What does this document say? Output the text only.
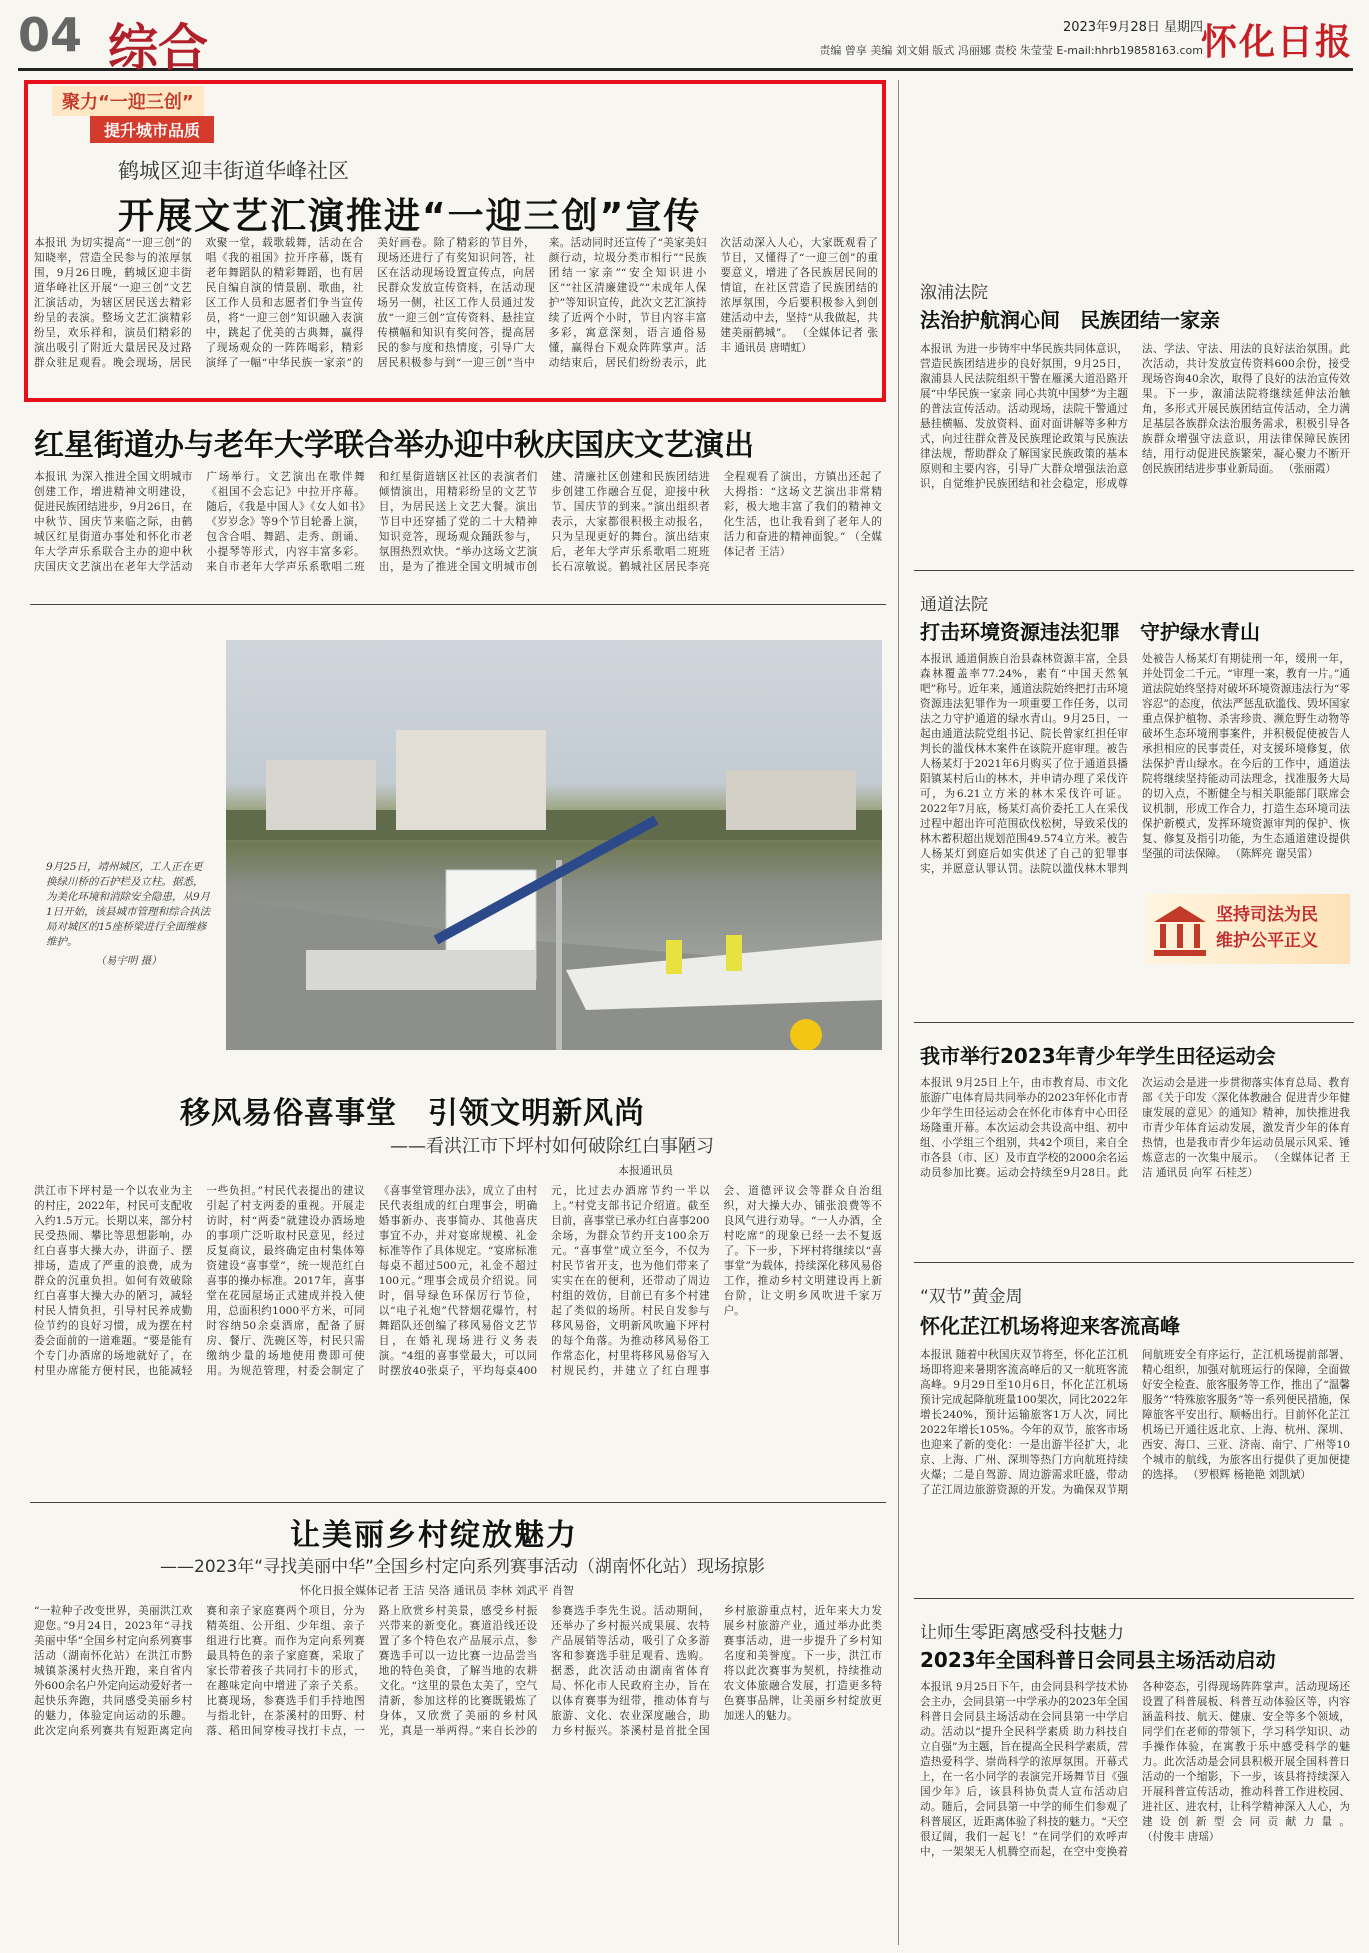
04 综合	2023年9月28日 星期四
责编 曾享 美编 刘文娟 版式 冯丽娜 责校 朱莹莹 E-mail:hhrb19858163.com
怀化日报
聚力“一迎三创”
提升城市品质
鹤城区迎丰街道华峰社区
开展文艺汇演推进“一迎三创”宣传
本报讯 为切实提高“一迎三创”的知晓率，营造全民参与的浓厚氛围，9月26日晚，鹤城区迎丰街道华峰社区开展“一迎三创”文艺汇演活动，为辖区居民送去精彩纷呈的表演。整场文艺汇演精彩纷呈，欢乐祥和，演员们精彩的演出吸引了附近大量居民及过路群众驻足观看。晚会现场，居民欢聚一堂，载歌载舞，活动在合唱《我的祖国》拉开序幕，既有老年舞蹈队的精彩舞蹈，也有居民自编自演的情景剧、歌曲，社区工作人员和志愿者们争当宣传员，将“一迎三创”知识融入表演中，跳起了优美的古典舞，赢得了现场观众的一阵阵喝彩，精彩演绎了一幅“中华民族一家亲”的美好画卷。除了精彩的节目外，现场还进行了有奖知识问答，社区在活动现场设置宣传点，向居民群众发放宣传资料，在活动现场另一侧，社区工作人员通过发放“一迎三创”宣传资料、悬挂宣传横幅和知识有奖问答，提高居民的参与度和热情度，引导广大居民积极参与到“一迎三创”当中来。活动同时还宣传了“美家美妇颜行动，垃圾分类市相行”“民族团结一家亲”“安全知识进小区”“社区清廉建设”“未成年人保护”等知识宣传，此次文艺汇演持续了近两个小时，节目内容丰富多彩，寓意深刻，语言通俗易懂，赢得台下观众阵阵掌声。活动结束后，居民们纷纷表示，此次活动深入人心，大家既观看了节目，又懂得了“一迎三创”的重要意义，增进了各民族居民间的情谊，在社区营造了民族团结的浓厚氛围，今后要积极参入到创建活动中去，坚持“从我做起，共建美丽鹤城”。 （全媒体记者 张丰 通讯员 唐晴虹）
红星街道办与老年大学联合举办迎中秋庆国庆文艺演出
本报讯 为深入推进全国文明城市创建工作，增进精神文明建设，促进民族团结进步，9月26日，在中秋节、国庆节来临之际，由鹤城区红星街道办事处和怀化市老年大学声乐系联合主办的迎中秋庆国庆文艺演出在老年大学活动广场举行。文艺演出在歌伴舞《祖国不会忘记》中拉开序幕。随后，《我是中国人》《女人如书》《岁岁念》等9个节目轮番上演，包含合唱、舞蹈、走秀、朗诵、小提琴等形式，内容丰富多彩。来自市老年大学声乐系歌唱二班和红星街道辖区社区的表演者们倾情演出，用精彩纷呈的文艺节目，为居民送上文艺大餐。演出节目中还穿插了党的二十大精神知识竞答，现场观众踊跃参与，氛围热烈欢快。“举办这场文艺演出，是为了推进全国文明城市创建、清廉社区创建和民族团结进步创建工作融合互促，迎接中秋节、国庆节的到来。”演出组织者表示，大家都很积极主动报名，只为呈现更好的舞台。演出结束后，老年大学声乐系歌唱二班班长石凉敏说。鹤城社区居民李亮全程观看了演出，方镇出还起了大拇指：“这场文艺演出非常精彩，极大地丰富了我们的精神文化生活，也让我看到了老年人的活力和奋进的精神面貌。” （全媒体记者 王洁）
9月25日，靖州城区，工人正在更换绿川桥的石护栏及立柱。据悉，为美化环境和消除安全隐患，从9月1日开始，该县城市管理和综合执法局对城区的15座桥梁进行全面维修维护。
（易宇明 摄）
移风易俗喜事堂　引领文明新风尚
——看洪江市下坪村如何破除红白事陋习
本报通讯员
洪江市下坪村是一个以农业为主的村庄，2022年，村民可支配收入约1.5万元。长期以来，部分村民受热闹、攀比等思想影响，办红白喜事大操大办，讲面子、摆排场，造成了严重的浪费，成为群众的沉重负担。如何有效破除红白喜事大操大办的陋习，减轻村民人情负担，引导村民养成勤俭节约的良好习惯，成为摆在村委会面前的一道难题。“要是能有个专门办酒席的场地就好了，在村里办席能方便村民，也能减轻一些负担。”村民代表提出的建议引起了村支两委的重视。开展走访时，村“两委”就建设办酒场地的事项广泛听取村民意见，经过反复商议，最终确定由村集体筹资建设“喜事堂”，统一规范红白喜事的操办标准。2017年，喜事堂在花园屋场正式建成并投入使用，总面积约1000平方米，可同时容纳50余桌酒席，配备了厨房、餐厅、洗碗区等，村民只需缴纳少量的场地使用费即可使用。为规范管理，村委会制定了《喜事堂管理办法》，成立了由村民代表组成的红白理事会，明确婚事新办、丧事简办、其他喜庆事宜不办，并对宴席规模、礼金标准等作了具体规定。“宴席标准每桌不超过500元，礼金不超过100元。”理事会成员介绍说。同时，倡导绿色环保厉行节俭，以“电子礼炮”代替烟花爆竹，村舞蹈队还创编了移风易俗文艺节目，在婚礼现场进行义务表演。“4组的喜事堂最大，可以同时摆放40张桌子，平均每桌400元，比过去办酒席节约一半以上。”村党支部书记介绍道。截至目前，喜事堂已承办红白喜事200余场，为群众节约开支100余万元。“喜事堂”成立至今，不仅为村民节省开支，也为他们带来了实实在在的便利，还带动了周边村组的效仿，目前已有多个村建起了类似的场所。村民自发参与移风易俗，文明新风吹遍下坪村的每个角落。为推动移风易俗工作常态化，村里将移风易俗写入村规民约，并建立了红白理事会、道德评议会等群众自治组织，对大操大办、铺张浪费等不良风气进行劝导。“一人办酒，全村吃席”的现象已经一去不复返了。下一步，下坪村将继续以“喜事堂”为载体，持续深化移风易俗工作，推动乡村文明建设再上新台阶，让文明乡风吹进千家万户。
让美丽乡村绽放魅力
——2023年“寻找美丽中华”全国乡村定向系列赛事活动（湖南怀化站）现场掠影
怀化日报全媒体记者 王洁 吴洛 通讯员 李林 刘武平 肖智
“一粒种子改变世界，美丽洪江欢迎您。”9月24日，2023年“寻找美丽中华”全国乡村定向系列赛事活动（湖南怀化站）在洪江市黔城镇茶溪村火热开跑，来自省内外600余名户外定向运动爱好者一起快乐奔跑，共同感受美丽乡村的魅力，体验定向运动的乐趣。此次定向系列赛共有短距离定向赛和亲子家庭赛两个项目，分为精英组、公开组、少年组、亲子组进行比赛。而作为定向系列赛最具特色的亲子家庭赛，采取了家长带着孩子共同打卡的形式，在趣味定向中增进了亲子关系。比赛现场，参赛选手们手持地图与指北针，在茶溪村的田野、村落、稻田间穿梭寻找打卡点，一路上欣赏乡村美景，感受乡村振兴带来的新变化。赛道沿线还设置了多个特色农产品展示点，参赛选手可以一边比赛一边品尝当地的特色美食，了解当地的农耕文化。“这里的景色太美了，空气清新，参加这样的比赛既锻炼了身体，又欣赏了美丽的乡村风光，真是一举两得。”来自长沙的参赛选手李先生说。活动期间，还举办了乡村振兴成果展、农特产品展销等活动，吸引了众多游客和参赛选手驻足观看、选购。据悉，此次活动由湖南省体育局、怀化市人民政府主办，旨在以体育赛事为纽带，推动体育与旅游、文化、农业深度融合，助力乡村振兴。茶溪村是首批全国乡村旅游重点村，近年来大力发展乡村旅游产业，通过举办此类赛事活动，进一步提升了乡村知名度和美誉度。下一步，洪江市将以此次赛事为契机，持续推动农文体旅融合发展，打造更多特色赛事品牌，让美丽乡村绽放更加迷人的魅力。
溆浦法院
法治护航润心间　民族团结一家亲
本报讯 为进一步铸牢中华民族共同体意识，营造民族团结进步的良好氛围，9月25日，溆浦县人民法院组织干警在雁溪大道沿路开展“中华民族一家亲 同心共筑中国梦”为主题的普法宣传活动。活动现场，法院干警通过悬挂横幅、发放资料、面对面讲解等多种方式，向过往群众普及民族理论政策与民族法律法规，帮助群众了解国家民族政策的基本原则和主要内容，引导广大群众增强法治意识，自觉维护民族团结和社会稳定，形成尊法、学法、守法、用法的良好法治氛围。此次活动，共计发放宣传资料600余份，接受现场咨询40余次，取得了良好的法治宣传效果。下一步，溆浦法院将继续延伸法治触角，多形式开展民族团结宣传活动，全力满足基层各族群众法治服务需求，积极引导各族群众增强守法意识，用法律保障民族团结，用行动促进民族繁荣，凝心聚力不断开创民族团结进步事业新局面。 （张丽霞）
通道法院
打击环境资源违法犯罪　守护绿水青山
本报讯 通道侗族自治县森林资源丰富，全县森林覆盖率77.24%，素有“中国天然氧吧”称号。近年来，通道法院始终把打击环境资源违法犯罪作为一项重要工作任务，以司法之力守护通道的绿水青山。9月25日，一起由通道法院党组书记、院长曾家红担任审判长的滥伐林木案件在该院开庭审理。被告人杨某灯于2021年6月购买了位于通道县播阳镇某村后山的林木，并申请办理了采伐许可，为6.21立方米的林木采伐许可证。2022年7月底，杨某灯高价委托工人在采伐过程中超出许可范围砍伐松树，导致采伐的林木蓄积超出规划范围49.574立方米。被告人杨某灯到庭后如实供述了自己的犯罪事实，并愿意认罪认罚。法院以滥伐林木罪判处被告人杨某灯有期徒刑一年，缓刑一年，并处罚金二千元。“审理一案，教育一片。”通道法院始终坚持对破坏环境资源违法行为“零容忍”的态度，依法严惩乱砍滥伐、毁坏国家重点保护植物、杀害珍贵、濒危野生动物等破坏生态环境刑事案件，并积极促使被告人承担相应的民事责任，对支援环境修复，依法保护青山绿水。在今后的工作中，通道法院将继续坚持能动司法理念，找准服务大局的切入点，不断健全与相关职能部门联席会议机制，形成工作合力，打造生态环境司法保护新模式，发挥环境资源审判的保护、恢复、修复及指引功能，为生态通道建设提供坚强的司法保障。 （陈辉亮 谢吴雷）
坚持司法为民
维护公平正义
我市举行2023年青少年学生田径运动会
本报讯 9月25日上午，由市教育局、市文化旅游广电体育局共同举办的2023年怀化市青少年学生田径运动会在怀化市体育中心田径场隆重开幕。本次运动会共设高中组、初中组、小学组三个组别，共42个项目，来自全市各县（市、区）及市直学校的2000余名运动员参加比赛。运动会持续至9月28日。此次运动会是进一步贯彻落实体育总局、教育部《关于印发〈深化体教融合 促进青少年健康发展的意见〉的通知》精神，加快推进我市青少年体育运动发展，激发青少年的体育热情，也是我市青少年运动员展示风采、锤炼意志的一次集中展示。 （全媒体记者 王洁 通讯员 向军 石桂芝）
“双节”黄金周
怀化芷江机场将迎来客流高峰
本报讯 随着中秋国庆双节将至，怀化芷江机场即将迎来暑期客流高峰后的又一航班客流高峰。9月29日至10月6日，怀化芷江机场预计完成起降航班量100架次，同比2022年增长240%，预计运输旅客1万人次，同比2022年增长105%。今年的双节，旅客市场也迎来了新的变化：一是出游半径扩大，北京、上海、广州、深圳等热门方向航班持续火爆；二是自驾游、周边游需求旺盛，带动了芷江周边旅游资源的开发。为确保双节期间航班安全有序运行，芷江机场提前部署、精心组织，加强对航班运行的保障，全面做好安全检查、旅客服务等工作，推出了“温馨服务”“特殊旅客服务”等一系列便民措施，保障旅客平安出行、顺畅出行。目前怀化芷江机场已开通往返北京、上海、杭州、深圳、西安、海口、三亚、济南、南宁、广州等10个城市的航线，为旅客出行提供了更加便捷的选择。 （罗根辉 杨艳艳 刘凯斌）
让师生零距离感受科技魅力
2023年全国科普日会同县主场活动启动
本报讯 9月25日下午，由会同县科学技术协会主办，会同县第一中学承办的2023年全国科普日会同县主场活动在会同县第一中学启动。活动以“提升全民科学素质 助力科技自立自强”为主题，旨在提高全民科学素质，营造热爱科学、崇尚科学的浓厚氛围。开幕式上，在一名小同学的表演完开场舞节目《强国少年》后，该县科协负责人宣布活动启动。随后，会同县第一中学的师生们参观了科普展区，近距离体验了科技的魅力。“天空很辽阔，我们一起飞！”在同学们的欢呼声中，一架架无人机腾空而起，在空中变换着各种姿态，引得现场阵阵掌声。活动现场还设置了科普展板、科普互动体验区等，内容涵盖科技、航天、健康、安全等多个领域，同学们在老师的带领下，学习科学知识、动手操作体验，在寓教于乐中感受科学的魅力。此次活动是会同县积极开展全国科普日活动的一个缩影，下一步，该县将持续深入开展科普宣传活动，推动科普工作进校园、进社区、进农村，让科学精神深入人心，为建设创新型会同贡献力量。 （付俊丰 唐瑶）
